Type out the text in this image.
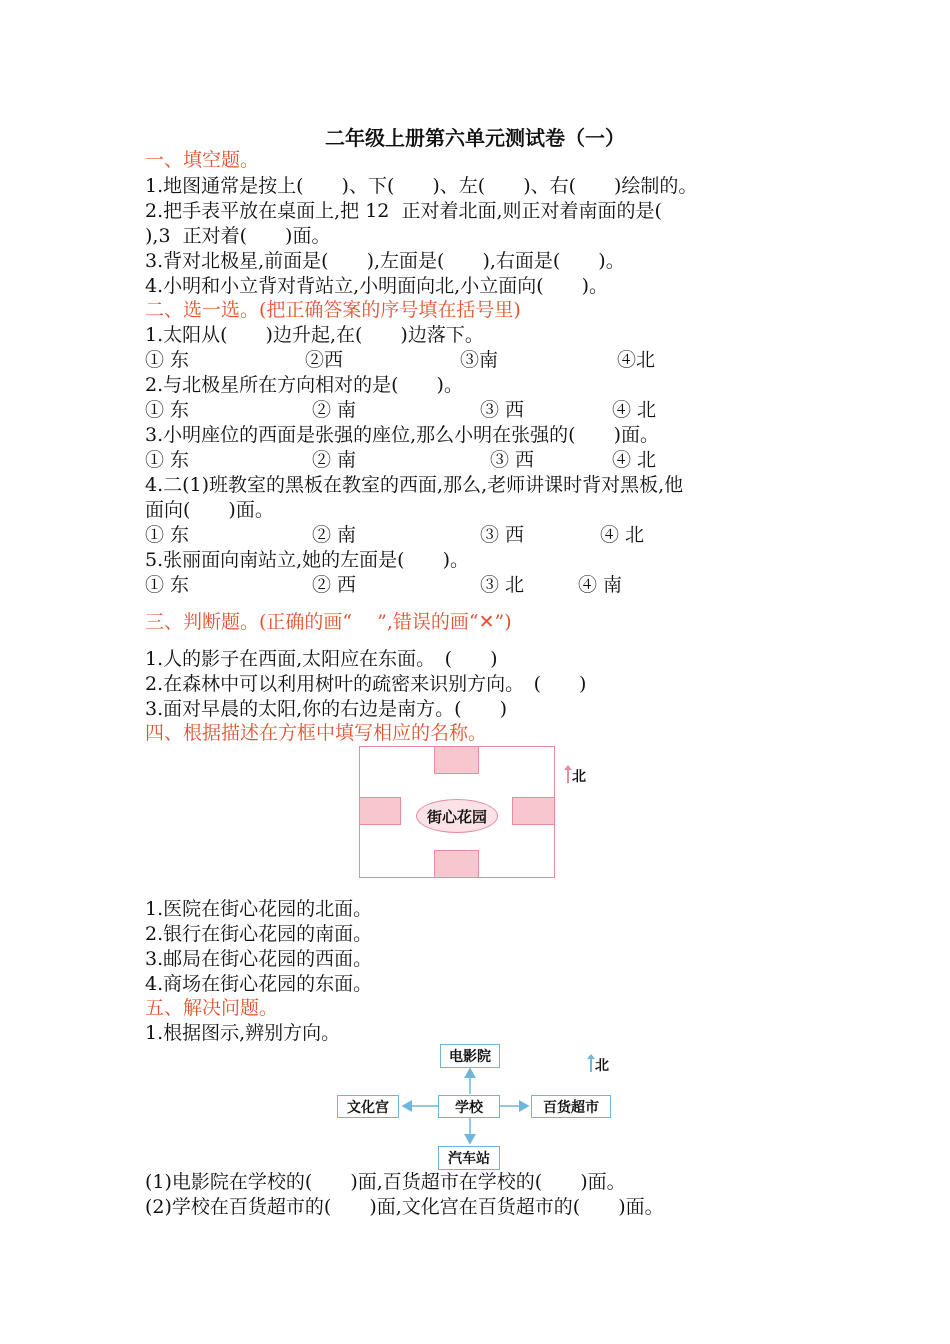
二年级上册第六单元测试卷（一）
一、填空题。
1.地图通常是按上(　　)、下(　　)、左(　　)、右(　　)绘制的。
2.把手表平放在桌面上,把 12  正对着北面,则正对着南面的是(
),3  正对着(　　)面。
3.背对北极星,前面是(　　),左面是(　　),右面是(　　)。
4.小明和小立背对背站立,小明面向北,小立面向(　　)。
二、选一选。(把正确答案的序号填在括号里)
1.太阳从(　　)边升起,在(　　)边落下。
① 东	②西	③南	④北
2.与北极星所在方向相对的是(　　)。
① 东	② 南	③ 西	④ 北
3.小明座位的西面是张强的座位,那么小明在张强的(　　)面。
① 东	② 南	③ 西	④ 北
4.二(1)班教室的黑板在教室的西面,那么,老师讲课时背对黑板,他
面向(　　)面。
① 东	② 南	③ 西	④ 北
5.张丽面向南站立,她的左面是(　　)。
① 东	② 西	③ 北	④ 南
三、判断题。(正确的画“　 ”,错误的画“✕”)
1.人的影子在西面,太阳应在东面。　(　　)
2.在森林中可以利用树叶的疏密来识别方向。　(　　)
3.面对早晨的太阳,你的右边是南方。(　　)
四、根据描述在方框中填写相应的名称。
街心花园
北
1.医院在街心花园的北面。
2.银行在街心花园的南面。
3.邮局在街心花园的西面。
4.商场在街心花园的东面。
五、解决问题。
1.根据图示,辨别方向。
电影院
学校
文化宫	百货超市
汽车站
北
(1)电影院在学校的(　　)面,百货超市在学校的(　　)面。
(2)学校在百货超市的(　　)面,文化宫在百货超市的(　　)面。
